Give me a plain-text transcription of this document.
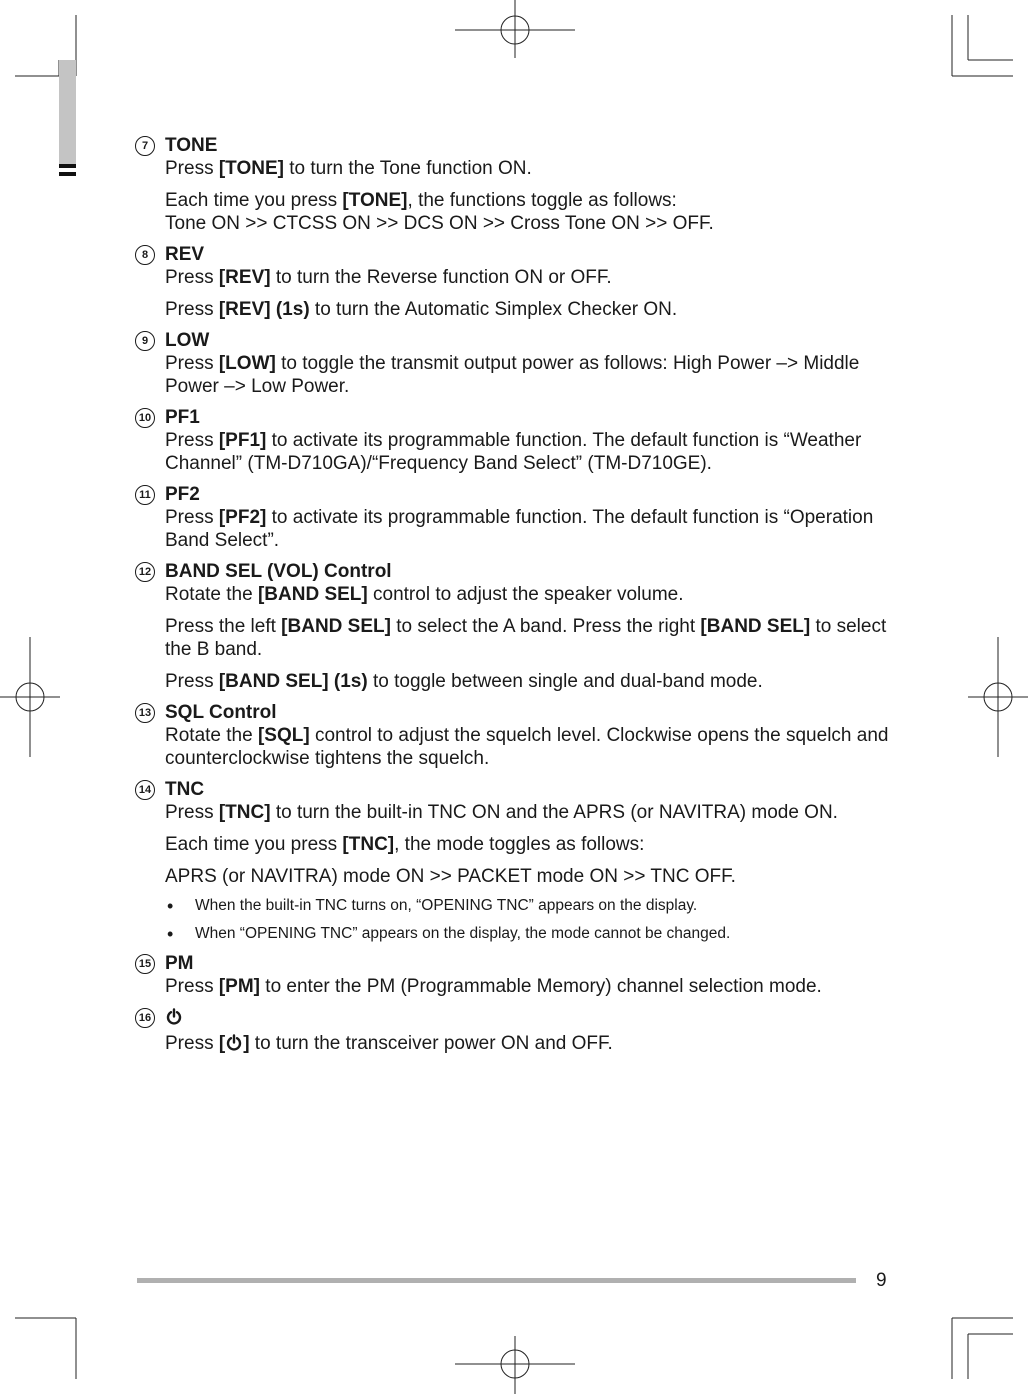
7 TONE
Press [TONE] to turn the Tone function ON.
Each time you press [TONE], the functions toggle as follows:
Tone ON >> CTCSS ON >> DCS ON >> Cross Tone ON >> OFF.
8 REV
Press [REV] to turn the Reverse function ON or OFF.
Press [REV] (1s) to turn the Automatic Simplex Checker ON.
9 LOW
Press [LOW] to toggle the transmit output power as follows: High Power –> Middle Power –> Low Power.
10 PF1
Press [PF1] to activate its programmable function. The default function is “Weather Channel” (TM-D710GA)/“Frequency Band Select” (TM-D710GE).
11 PF2
Press [PF2] to activate its programmable function. The default function is “Operation Band Select”.
12 BAND SEL (VOL) Control
Rotate the [BAND SEL] control to adjust the speaker volume.
Press the left [BAND SEL] to select the A band. Press the right [BAND SEL] to select the B band.
Press [BAND SEL] (1s) to toggle between single and dual-band mode.
13 SQL Control
Rotate the [SQL] control to adjust the squelch level. Clockwise opens the squelch and counterclockwise tightens the squelch.
14 TNC
Press [TNC] to turn the built-in TNC ON and the APRS (or NAVITRA) mode ON.
Each time you press [TNC], the mode toggles as follows:
APRS (or NAVITRA) mode ON >> PACKET mode ON >> TNC OFF.
• When the built-in TNC turns on, “OPENING TNC” appears on the display.
• When “OPENING TNC” appears on the display, the mode cannot be changed.
15 PM
Press [PM] to enter the PM (Programmable Memory) channel selection mode.
16
Press [ ] to turn the transceiver power ON and OFF.
9
